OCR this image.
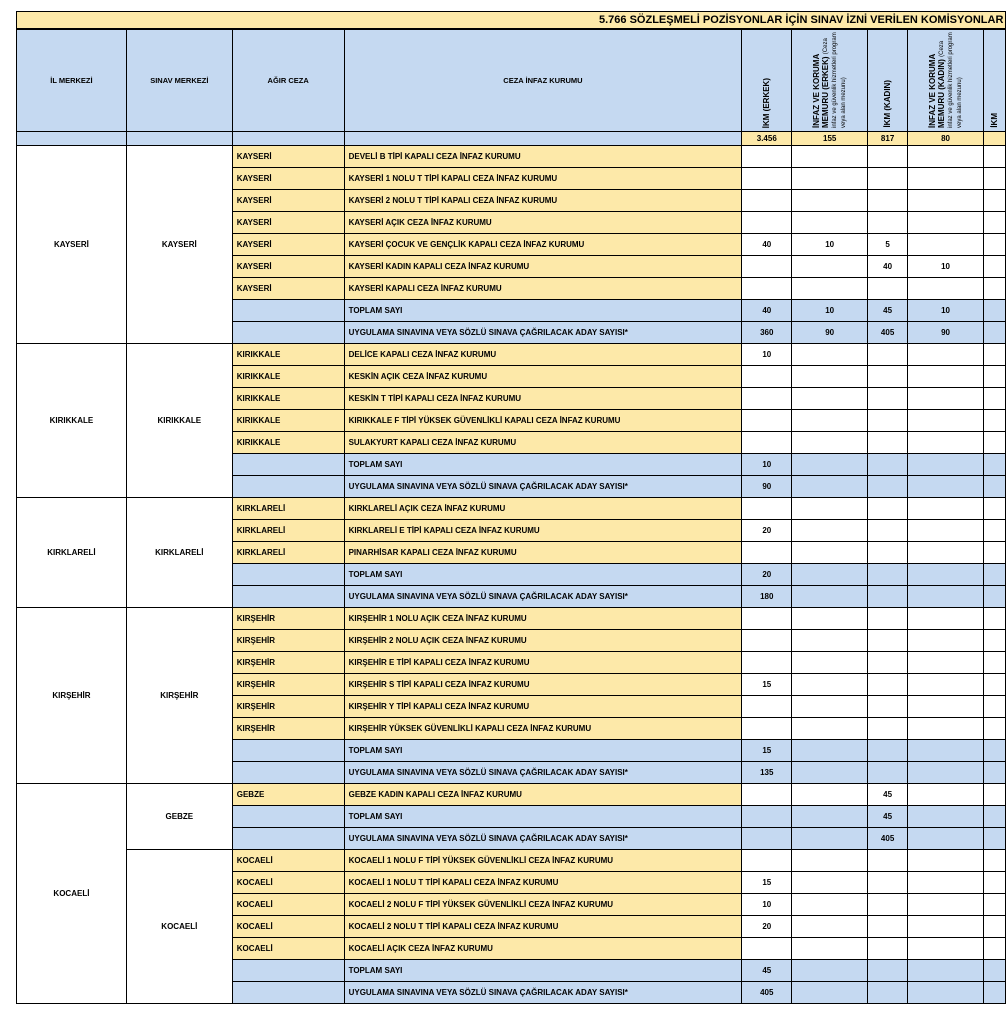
5.766 SÖZLEŞMELİ POZİSYONLAR İÇİN SINAV İZNİ VERİLEN KOMİSYONLAR
İL MERKEZİ	SINAV MERKEZİ	AĞIR CEZA	CEZA İNFAZ KURUMU	İKM (ERKEK)	İNFAZ VE KORUMA MEMURU (ERKEK) (Ceza infaz ve güvenlik hizmetleri program veya alan mezunu)	İKM (KADIN)	İNFAZ VE KORUMA MEMURU (KADIN) (Ceza infaz ve güvenlik hizmetleri program veya alan mezunu)	İKM

				3.456	155	817	80	
KAYSERİ	KAYSERİ	KAYSERİ	DEVELİ B TİPİ KAPALI CEZA İNFAZ KURUMU					
		KAYSERİ	KAYSERİ 1 NOLU T TİPİ KAPALI CEZA İNFAZ KURUMU					
		KAYSERİ	KAYSERİ 2 NOLU T TİPİ KAPALI CEZA İNFAZ KURUMU					
		KAYSERİ	KAYSERİ AÇIK CEZA İNFAZ KURUMU					
		KAYSERİ	KAYSERİ ÇOCUK VE GENÇLİK KAPALI CEZA İNFAZ KURUMU	40	10	5		
		KAYSERİ	KAYSERİ KADIN KAPALI CEZA İNFAZ KURUMU			40	10	
		KAYSERİ	KAYSERİ KAPALI CEZA İNFAZ KURUMU					
			TOPLAM SAYI	40	10	45	10	
			UYGULAMA SINAVINA VEYA SÖZLÜ SINAVA ÇAĞRILACAK ADAY SAYISI*	360	90	405	90	
KIRIKKALE	KIRIKKALE	KIRIKKALE	DELİCE KAPALI CEZA İNFAZ KURUMU	10				
		KIRIKKALE	KESKİN AÇIK CEZA İNFAZ KURUMU					
		KIRIKKALE	KESKİN T TİPİ KAPALI CEZA İNFAZ KURUMU					
		KIRIKKALE	KIRIKKALE F TİPİ YÜKSEK GÜVENLİKLİ KAPALI CEZA İNFAZ KURUMU					
		KIRIKKALE	SULAKYURT KAPALI CEZA İNFAZ KURUMU					
			TOPLAM SAYI	10				
			UYGULAMA SINAVINA VEYA SÖZLÜ SINAVA ÇAĞRILACAK ADAY SAYISI*	90				
KIRKLARELİ	KIRKLARELİ	KIRKLARELİ	KIRKLARELİ AÇIK CEZA İNFAZ KURUMU					
		KIRKLARELİ	KIRKLARELİ E TİPİ KAPALI CEZA İNFAZ KURUMU	20				
		KIRKLARELİ	PINARHİSAR KAPALI CEZA İNFAZ KURUMU					
			TOPLAM SAYI	20				
			UYGULAMA SINAVINA VEYA SÖZLÜ SINAVA ÇAĞRILACAK ADAY SAYISI*	180				
KIRŞEHİR	KIRŞEHİR	KIRŞEHİR	KIRŞEHİR 1 NOLU AÇIK CEZA İNFAZ KURUMU					
		KIRŞEHİR	KIRŞEHİR 2 NOLU AÇIK CEZA İNFAZ KURUMU					
		KIRŞEHİR	KIRŞEHİR E TİPİ KAPALI CEZA İNFAZ KURUMU					
		KIRŞEHİR	KIRŞEHİR S TİPİ KAPALI CEZA İNFAZ KURUMU	15				
		KIRŞEHİR	KIRŞEHİR Y TİPİ KAPALI CEZA İNFAZ KURUMU					
		KIRŞEHİR	KIRŞEHİR YÜKSEK GÜVENLİKLİ KAPALI CEZA İNFAZ KURUMU					
			TOPLAM SAYI	15				
			UYGULAMA SINAVINA VEYA SÖZLÜ SINAVA ÇAĞRILACAK ADAY SAYISI*	135				
KOCAELİ	GEBZE	GEBZE	GEBZE KADIN KAPALI CEZA İNFAZ KURUMU			45		
			TOPLAM SAYI			45		
			UYGULAMA SINAVINA VEYA SÖZLÜ SINAVA ÇAĞRILACAK ADAY SAYISI*			405		
	KOCAELİ	KOCAELİ	KOCAELİ 1 NOLU F TİPİ YÜKSEK GÜVENLİKLİ CEZA İNFAZ KURUMU					
		KOCAELİ	KOCAELİ 1 NOLU T TİPİ KAPALI CEZA İNFAZ KURUMU	15				
		KOCAELİ	KOCAELİ 2 NOLU F TİPİ YÜKSEK GÜVENLİKLİ CEZA İNFAZ KURUMU	10				
		KOCAELİ	KOCAELİ 2 NOLU T TİPİ KAPALI CEZA İNFAZ KURUMU	20				
		KOCAELİ	KOCAELİ AÇIK CEZA İNFAZ KURUMU					
			TOPLAM SAYI	45				
			UYGULAMA SINAVINA VEYA SÖZLÜ SINAVA ÇAĞRILACAK ADAY SAYISI*	405				
